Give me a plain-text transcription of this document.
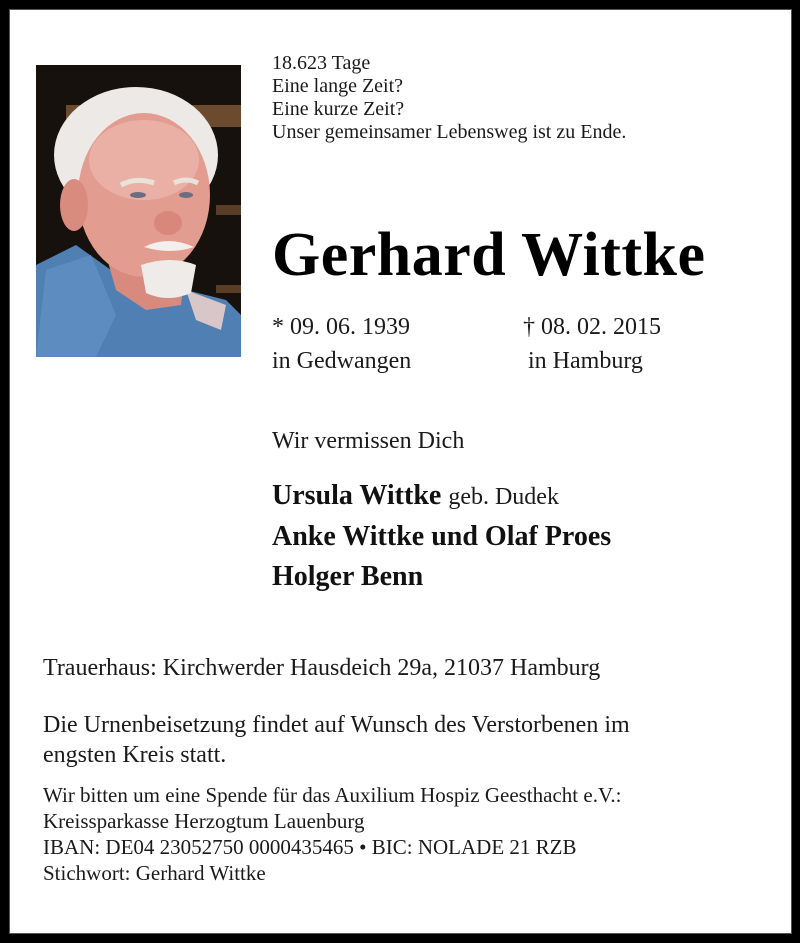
18.623 Tage
Eine lange Zeit?
Eine kurze Zeit?
Unser gemeinsamer Lebensweg ist zu Ende.
Gerhard Wittke
* 09. 06. 1939
in Gedwangen
† 08. 02. 2015
in Hamburg
Wir vermissen Dich
Ursula Wittke geb. Dudek
Anke Wittke und Olaf Proes
Holger Benn
Trauerhaus: Kirchwerder Hausdeich 29a, 21037 Hamburg
Die Urnenbeisetzung findet auf Wunsch des Verstorbenen im
engsten Kreis statt.
Wir bitten um eine Spende für das Auxilium Hospiz Geesthacht e.V.:
Kreissparkasse Herzogtum Lauenburg
IBAN: DE04 23052750 0000435465 • BIC: NOLADE 21 RZB
Stichwort: Gerhard Wittke
